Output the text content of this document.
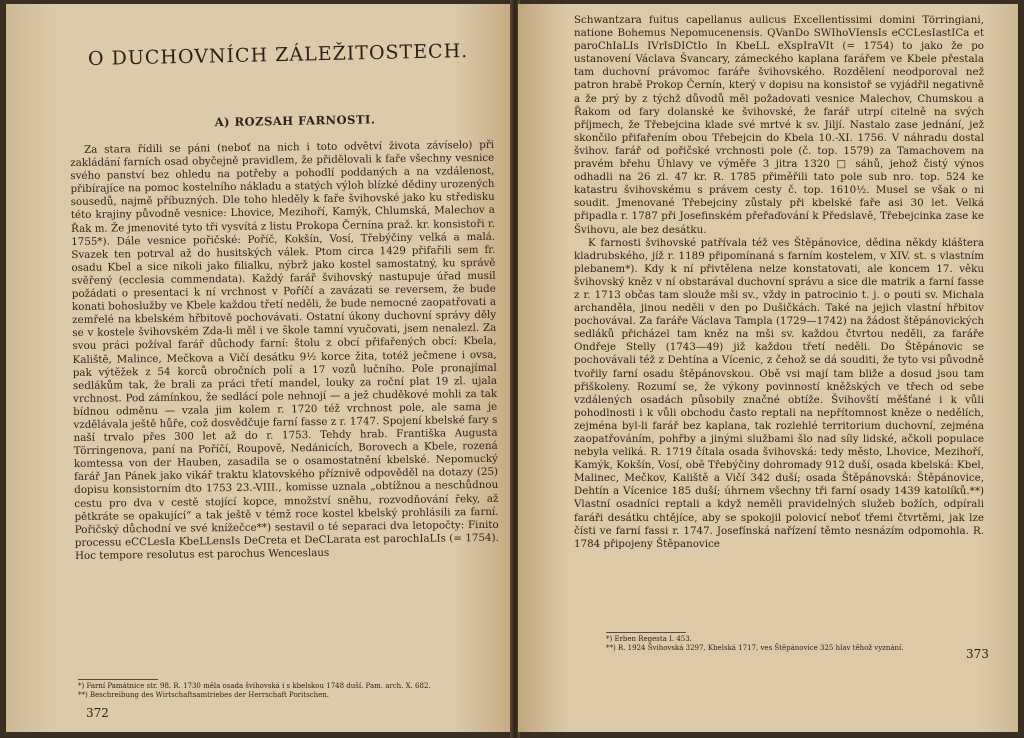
O DUCHOVNÍCH ZÁLEŽITOSTECH.
A) ROZSAH FARNOSTI.

Za stara řídili se páni (neboť na nich i toto odvětví života závíselo) při zakládání farních osad obyčejně pravidlem, že přidělovali k faře všechny vesnice svého panství bez ohledu na potřeby a pohodlí poddaných a na vzdálenost, přibírajíce na pomoc kostelního nákladu a statých výloh blízké dědiny urozených sousedů, najmě příbuzných. Dle toho hleděly k faře švihovské jako ku středisku této krajiny původně vesnice: Lhovice, Mezihoří, Kamýk, Chlumská, Malechov a Řak m. Že jmenovité tyto tři vysvítá z listu Prokopa Černína praž. kr. konsistoři r. 1755*). Dále vesnice pořičské: Poříč, Kokšín, Vosí, Třebýčiny velká a malá. Svazek ten potrval až do husitských válek. Ptom circa 1429 přifařili sem fr. osadu Kbel a sice nikoli jako filialku, nýbrž jako kostel samostatný, ku správě svěřený (ecclesia commendata). Každý farář švihovský nastupuje úřad musil požádati o presentaci k ní vrchnost v Poříčí a zavázati se reversem, že bude konati bohoslužby ve Kbele každou třetí neděli, že bude nemocné zaopatřovati a zemřelé na kbelském hřbitově pochovávati. Ostatní úkony duchovní správy děly se v kostele švihovském Zda-li měl i ve škole tamní vyučovati, jsem nenalezl. Za svou práci požíval farář důchody farní: štolu z obcí přifařených obcí: Kbela, Kaliště, Malince, Mečkova a Vičí desátku 9½ korce žita, totéž ječmene i ovsa, pak výtěžek z 54 korců obročních polí a 17 vozů lučního. Pole pronajímal sedlákům tak, že brali za práci třetí mandel, louky za roční plat 19 zl. ujala vrchnost. Pod zámínkou, že sedlácí pole nehnojí — a jež chuděkové mohli za tak bídnou odměnu — vzala jim kolem r. 1720 též vrchnost pole, ale sama je vzdělávala ještě hůře, což dosvědčuje farní fasse z r. 1747. Spojení kbelské fary s naší trvalo přes 300 let až do r. 1753. Tehdy hrab. Františka Augusta Törringenova, paní na Poříčí, Roupově, Nedánicích, Borovech a Kbele, rozená komtessa von der Hauben, zasadila se o osamostatnění kbelské. Nepomucký farář Jan Pánek jako vikář traktu klatovského příznivě odpověděl na dotazy (25) dopisu konsistorním dto 1753 23.-VIII., komisse uznala „obtížnou a neschůdnou cestu pro dva v cestě stojící kopce, množství sněhu, rozvodňování řeky, až pětkráte se opakující“ a tak ještě v témž roce kostel kbelský prohlásili za farní. Pořičský důchodní ve své knížečce**) sestavil o té separaci dva letopočty: Finito processu eCCLesIa KbeLLensIs DeCreta et DeCLarata est parochIaLIs (= 1754). Hoc tempore resolutus est parochus Wenceslaus

*) Farní Památnice str. 98. R. 1730 měla osada švihovská i s kbelskou 1748 duší. Pam. arch. X. 682.
**) Beschreibung des Wirtschaftsamtriebes der Herrschaft Poritschen.
372

Schwantzara fuitus capellanus aulicus Excellentissimi domini Törringiani, natione Bohemus Nepomucenensis. QVanDo SWIhoVIensIs eCCLesIastICa et paroChIaLIs IVrIsDICtIo In KbeLL eXspIraVIt (= 1754) to jako že po ustanovení Václava Švancary, zámeckého kaplana farářem ve Kbele přestala tam duchovní právomoc faráře švihovského. Rozdělení neodporoval než patron hrabě Prokop Černín, který v dopisu na konsistoř se vyjádřil negativně a že prý by z týchž důvodů měl požadovati vesnice Malechov, Chumskou a Řakom od fary dolanské ke švihovské, že farář utrpí citelně na svých příjmech, že Třebejcina klade své mrtvé k sv. Jiljí. Nastalo zase jednání, jež skončilo přifařením obou Třebejcin do Kbela 10.-XI. 1756. V náhradu dostal švihov. farář od pořičské vrchnosti pole (č. top. 1579) za Tamachovem na pravém břehu Úhlavy ve výměře 3 jitra 1320 □ sáhů, jehož čistý výnos odhadli na 26 zl. 47 kr. R. 1785 přiměřili tato pole sub nro. top. 524 ke katastru švihovskému s právem cesty č. top. 1610½. Musel se však o ni soudit. Jmenované Třebejciny zůstaly při kbelské faře asi 30 let. Velká připadla r. 1787 při Josefinském přeřaďování k Předslavě, Třebejcinka zase ke Švihovu, ale bez desátku.

K farnosti švihovské patřívala též ves Štěpánovice, dědina někdy kláštera kladrubského, jíž r. 1189 připomínaná s farním kostelem, v XIV. st. s vlastním plebanem*). Kdy k ní přivtělena nelze konstatovati, ale koncem 17. věku švihovský kněz v ní obstarával duchovní správu a sice dle matrik a farní fasse z r. 1713 občas tam slouže mši sv., vždy in patrocinio t. j. o pouti sv. Michala archanděla, jinou neděli v den po Dušičkách. Také na jejich vlastní hřbitov pochovával. Za faráře Václava Tampla (1729—1742) na žádost štěpánovických sedláků přicházel tam kněz na mši sv. každou čtvrtou neděli, za faráře Ondřeje Stelly (1743—49) již každou třetí neděli. Do Štěpánovic se pochovávali též z Dehtína a Vícenic, z čehož se dá souditi, že tyto vsi původně tvořily farní osadu štěpánovskou. Obě vsi mají tam bliže a dosud jsou tam přiškoleny. Rozumí se, že výkony povinností kněžských ve třech od sebe vzdálených osadách působily značné obtíže. Švihovští měšťané i k vůli pohodlnosti i k vůli obchodu často reptali na nepřítomnost kněze o nedělích, zejména byl-li farář bez kaplana, tak rozlehlé territorium duchovní, zejména zaopatřováním, pohřby a jinými službami šlo nad síly lidské, ačkoli populace nebyla veliká. R. 1719 čítala osada švihovská: tedy město, Lhovice, Mezihoří, Kamýk, Kokšín, Vosí, obě Třebýčiny dohromady 912 duší, osada kbelská: Kbel, Malinec, Mečkov, Kaliště a Vičí 342 duší; osada Štěpánovská: Štěpánovice, Dehtín a Vícenice 185 duší; úhrnem všechny tři farní osady 1439 katolíků.**) Vlastní osadníci reptali a když neměli pravidelných služeb božích, odpírali faráři desátku chtějíce, aby se spokojil polovicí neboť třemi čtvrtěmi, jak lze čísti ve farní fassi r. 1747. Josefínská nařízení těmto nesnázím odpomohla. R. 1784 připojeny Štěpanovice

*) Erben Regesta I. 453.
**) R. 1924 Švihovská 3297, Kbelská 1717, ves Štěpánovice 325 hlav těhož vyznání.	373
